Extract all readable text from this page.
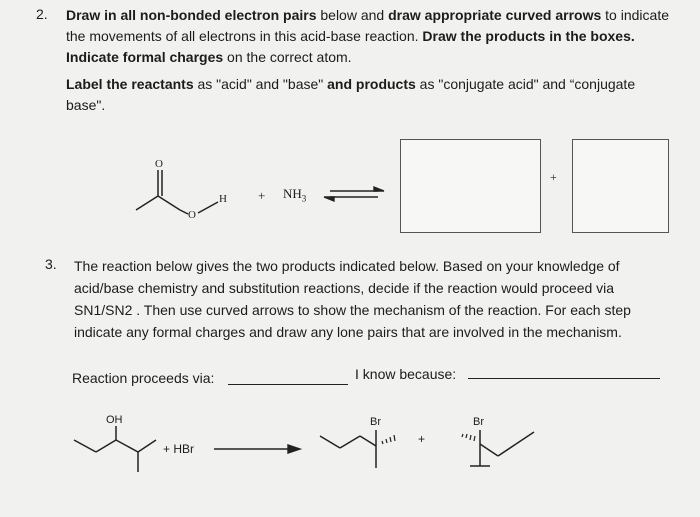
2. Draw in all non-bonded electron pairs below and draw appropriate curved arrows to indicate
the movements of all electrons in this acid-base reaction. Draw the products in the boxes.
Indicate formal charges on the correct atom.
Label the reactants as "acid" and "base" and products as "conjugate acid" and “conjugate
base".
O
O
$H + NH_3$
+
3. The reaction below gives the two products indicated below. Based on your knowledge of
acid/base chemistry and substitution reactions, decide if the reaction would proceed via
SN1/SN2 . Then use curved arrows to show the mechanism of the reaction. For each step
indicate any formal charges and draw any lone pairs that are involved in the mechanism.
Reaction proceeds via:	I know because:
OH
+ HBr
Br
+
Br
